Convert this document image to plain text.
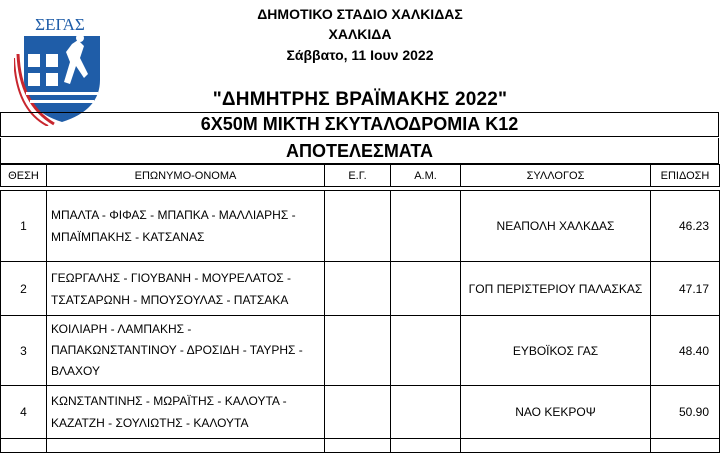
ΣΕΓΑΣ
ΔΗΜΟΤΙΚΟ ΣΤΑΔΙΟ ΧΑΛΚΙΔΑΣ
ΧΑΛΚΙΔΑ
Σάββατο, 11 Ιουν 2022
"ΔΗΜΗΤΡΗΣ ΒΡΑΪΜΑΚΗΣ 2022"
6Χ50Μ ΜΙΚΤΗ ΣΚΥΤΑΛΟΔΡΟΜΙΑ Κ12
ΑΠΟΤΕΛΕΣΜΑΤΑ
ΘΕΣΗ	ΕΠΩΝΥΜΟ-ΟΝΟΜΑ	Ε.Γ.	Α.Μ.	ΣΥΛΛΟΓΟΣ	ΕΠΙΔΟΣΗ

1	ΜΠΑΛΤΑ - ΦΙΦΑΣ - ΜΠΑΠΚΑ - ΜΑΛΛΙΑΡΗΣ -
ΜΠΑΪΜΠΑΚΗΣ - ΚΑΤΣΑΝΑΣ			ΝΕΑΠΟΛΗ ΧΑΛΚΔΑΣ	46.23
2	ΓΕΩΡΓΑΛΗΣ - ΓΙΟΥΒΑΝΗ - ΜΟΥΡΕΛΑΤΟΣ -
ΤΣΑΤΣΑΡΩΝΗ - ΜΠΟΥΣΟΥΛΑΣ - ΠΑΤΣΑΚΑ			ΓΟΠ ΠΕΡΙΣΤΕΡΙΟΥ ΠΑΛΑΣΚΑΣ	47.17
3	ΚΟΙΛΙΑΡΗ - ΛΑΜΠΑΚΗΣ -
ΠΑΠΑΚΩΝΣΤΑΝΤΙΝΟΥ - ΔΡΟΣΙΔΗ - ΤΑΥΡΗΣ -
ΒΛΑΧΟΥ			ΕΥΒΟΪΚΟΣ ΓΑΣ	48.40
4	ΚΩΝΣΤΑΝΤΙΝΗΣ - ΜΩΡΑΪΤΗΣ - ΚΑΛΟΥΤΑ -
ΚΑΖΑΤΖΗ - ΣΟΥΛΙΩΤΗΣ - ΚΑΛΟΥΤΑ			ΝΑΟ ΚΕΚΡΟΨ	50.90
